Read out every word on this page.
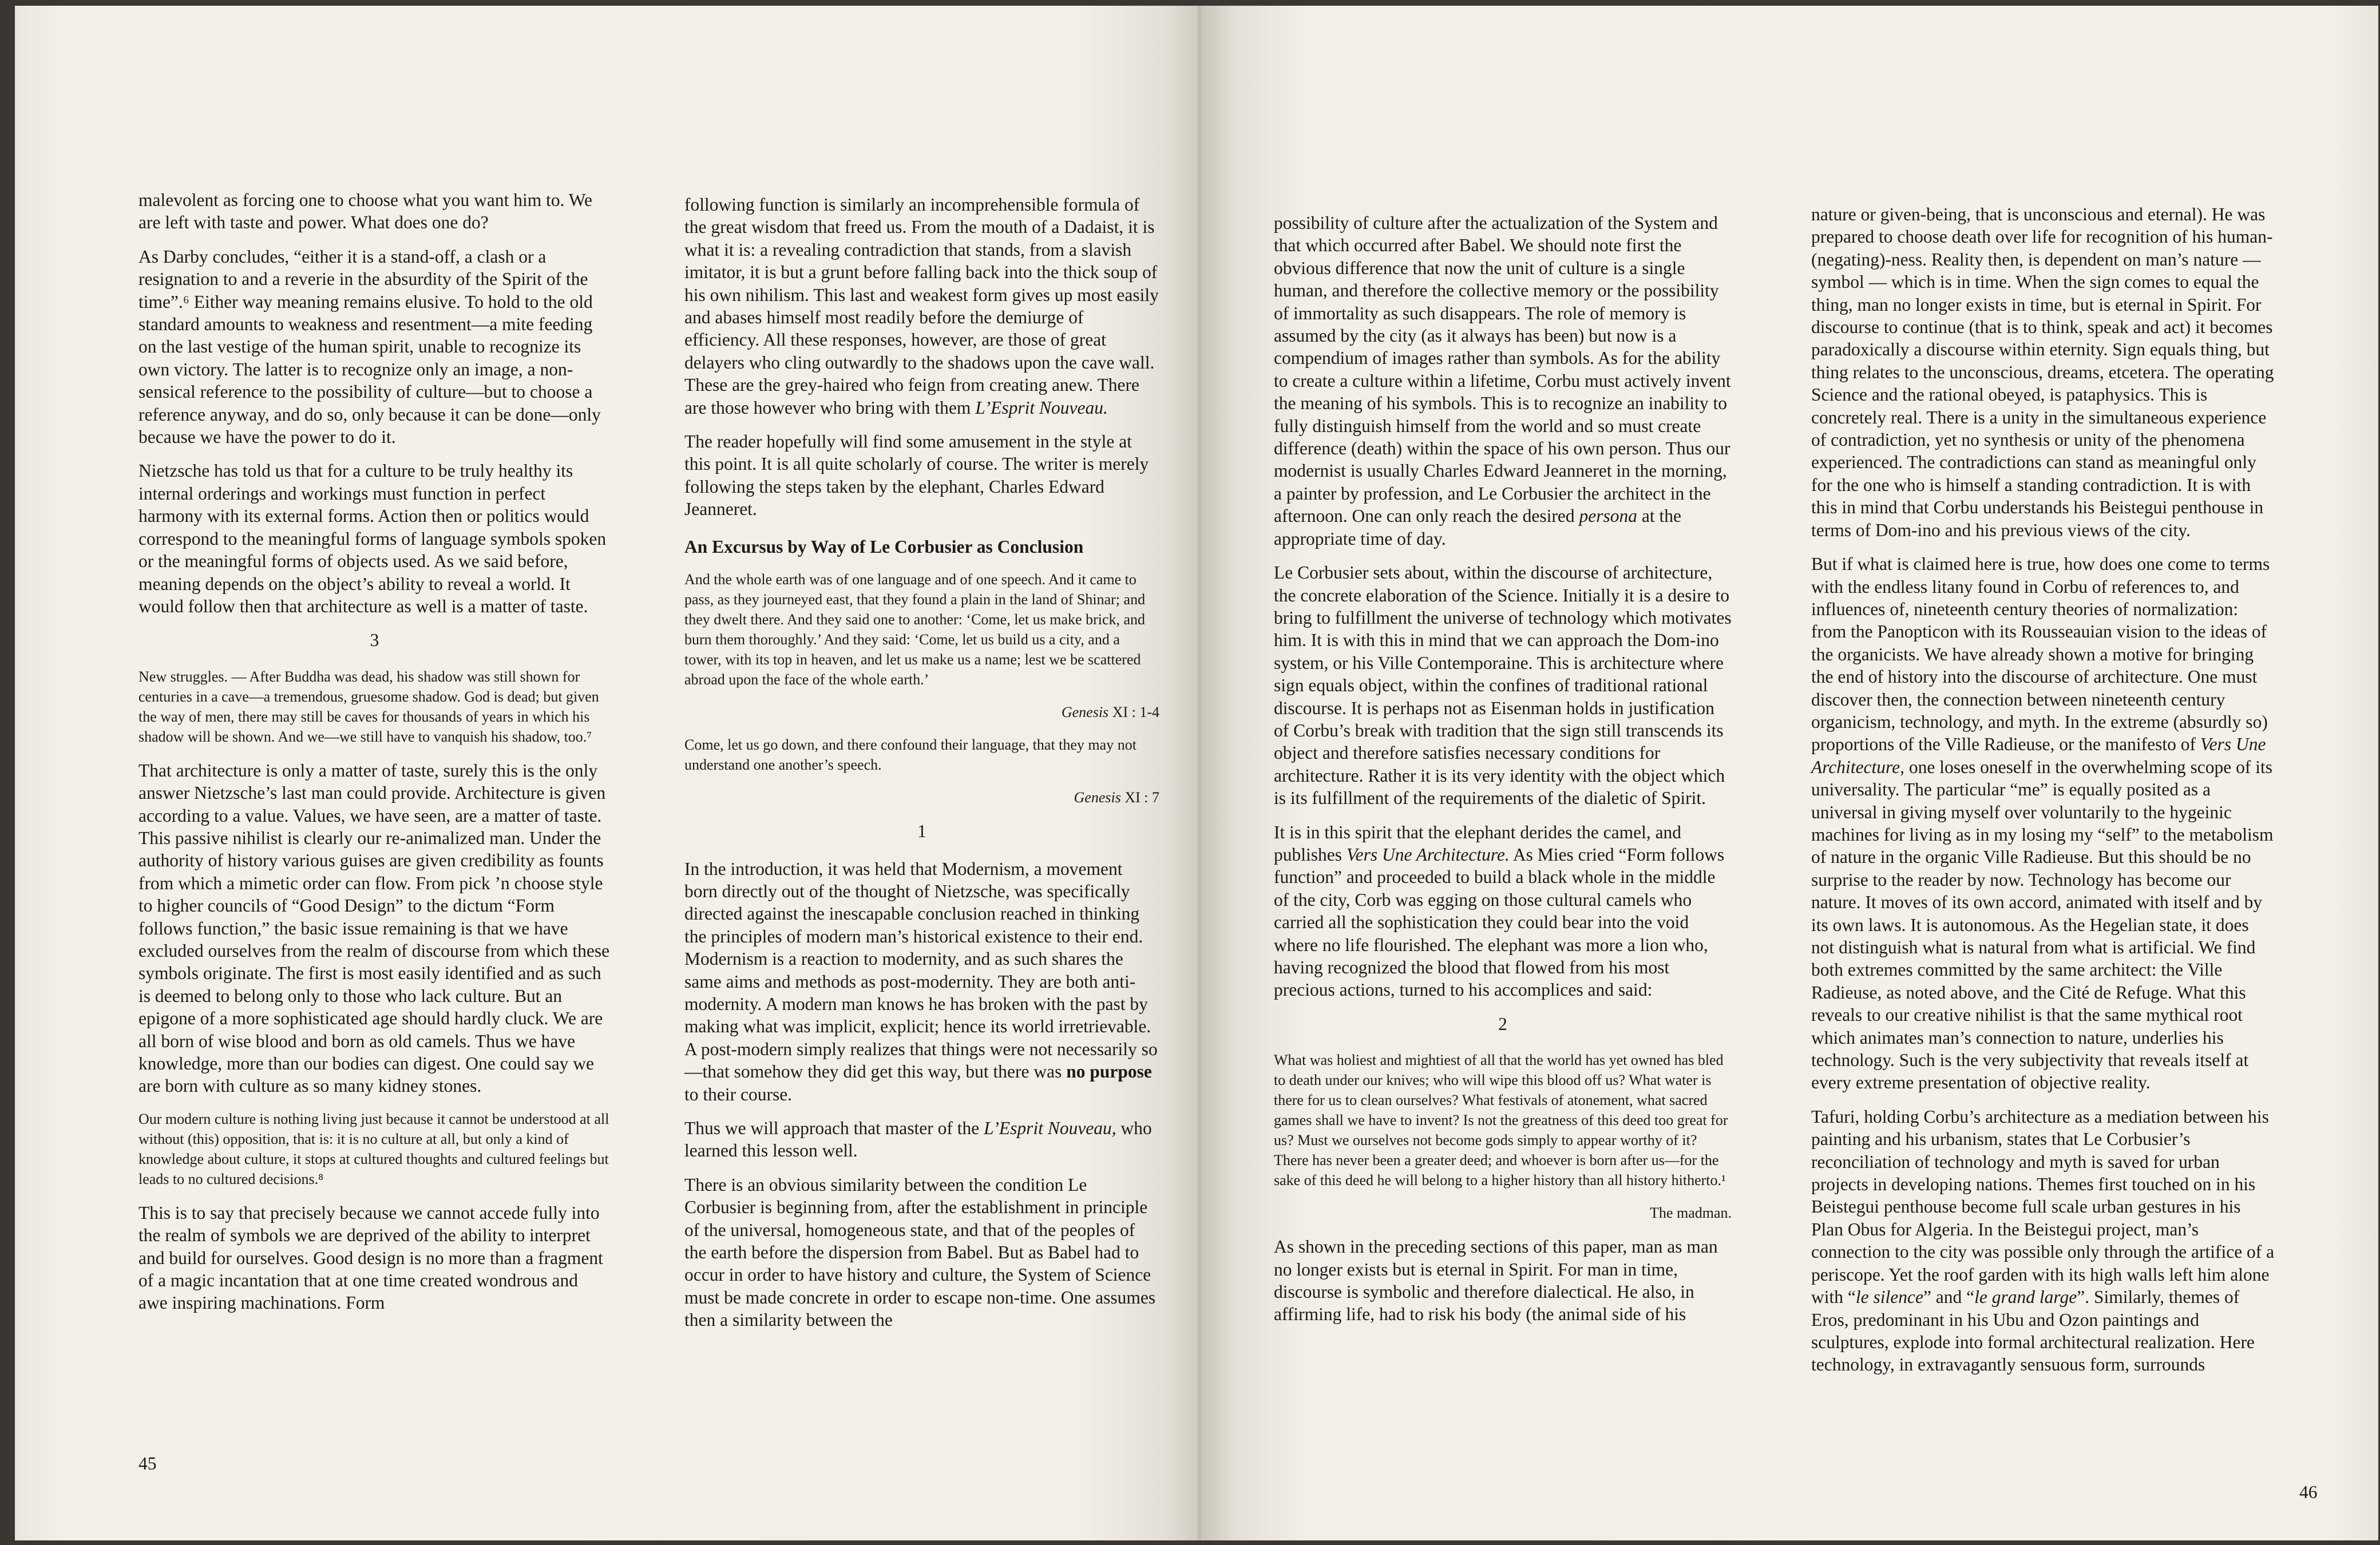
malevolent as forcing one to choose what you want him to. We are left with taste and power. What does one do?

As Darby concludes, “either it is a stand-off, a clash or a resignation to and a reverie in the absurdity of the Spirit of the time”.⁶ Either way meaning remains elusive. To hold to the old standard amounts to weakness and resentment—a mite feeding on the last vestige of the human spirit, unable to recognize its own victory. The latter is to recognize only an image, a non-sensical reference to the possibility of culture—but to choose a reference anyway, and do so, only because it can be done—only because we have the power to do it.

Nietzsche has told us that for a culture to be truly healthy its internal orderings and workings must function in perfect harmony with its external forms. Action then or politics would correspond to the meaningful forms of language symbols spoken or the meaningful forms of objects used. As we said before, meaning depends on the object’s ability to reveal a world. It would follow then that architecture as well is a matter of taste.

3
New struggles. — After Buddha was dead, his shadow was still shown for centuries in a cave—a tremendous, gruesome shadow. God is dead; but given the way of men, there may still be caves for thousands of years in which his shadow will be shown. And we—we still have to vanquish his shadow, too.⁷

That architecture is only a matter of taste, surely this is the only answer Nietzsche’s last man could provide. Architecture is given according to a value. Values, we have seen, are a matter of taste. This passive nihilist is clearly our re-animalized man. Under the authority of history various guises are given credibility as founts from which a mimetic order can flow. From pick ’n choose style to higher councils of “Good Design” to the dictum “Form follows function,” the basic issue remaining is that we have excluded ourselves from the realm of discourse from which these symbols originate. The first is most easily identified and as such is deemed to belong only to those who lack culture. But an epigone of a more sophisticated age should hardly cluck. We are all born of wise blood and born as old camels. Thus we have knowledge, more than our bodies can digest. One could say we are born with culture as so many kidney stones.

Our modern culture is nothing living just because it cannot be understood at all without (this) opposition, that is: it is no culture at all, but only a kind of knowledge about culture, it stops at cultured thoughts and cultured feelings but leads to no cultured decisions.⁸

This is to say that precisely because we cannot accede fully into the realm of symbols we are deprived of the ability to interpret and build for ourselves. Good design is no more than a fragment of a magic incantation that at one time created wondrous and awe inspiring machinations. Form

following function is similarly an incomprehensible formula of the great wisdom that freed us. From the mouth of a Dadaist, it is what it is: a revealing contradiction that stands, from a slavish imitator, it is but a grunt before falling back into the thick soup of his own nihilism. This last and weakest form gives up most easily and abases himself most readily before the demiurge of efficiency. All these responses, however, are those of great delayers who cling outwardly to the shadows upon the cave wall. These are the grey-haired who feign from creating anew. There are those however who bring with them L’Esprit Nouveau.

The reader hopefully will find some amusement in the style at this point. It is all quite scholarly of course. The writer is merely following the steps taken by the elephant, Charles Edward Jeanneret.

An Excursus by Way of Le Corbusier as Conclusion
And the whole earth was of one language and of one speech. And it came to pass, as they journeyed east, that they found a plain in the land of Shinar; and they dwelt there. And they said one to another: ‘Come, let us make brick, and burn them thoroughly.’ And they said: ‘Come, let us build us a city, and a tower, with its top in heaven, and let us make us a name; lest we be scattered abroad upon the face of the whole earth.’
Genesis XI : 1-4
Come, let us go down, and there confound their language, that they may not understand one another’s speech.
Genesis XI : 7
1

In the introduction, it was held that Modernism, a movement born directly out of the thought of Nietzsche, was specifically directed against the inescapable conclusion reached in thinking the principles of modern man’s historical existence to their end. Modernism is a reaction to modernity, and as such shares the same aims and methods as post-modernity. They are both anti-modernity. A modern man knows he has broken with the past by making what was implicit, explicit; hence its world irretrievable. A post-modern simply realizes that things were not necessarily so—that somehow they did get this way, but there was no purpose to their course.

Thus we will approach that master of the L’Esprit Nouveau, who learned this lesson well.

There is an obvious similarity between the condition Le Corbusier is beginning from, after the establishment in principle of the universal, homogeneous state, and that of the peoples of the earth before the dispersion from Babel. But as Babel had to occur in order to have history and culture, the System of Science must be made concrete in order to escape non-time. One assumes then a similarity between the

45

possibility of culture after the actualization of the System and that which occurred after Babel. We should note first the obvious difference that now the unit of culture is a single human, and therefore the collective memory or the possibility of immortality as such disappears. The role of memory is assumed by the city (as it always has been) but now is a compendium of images rather than symbols. As for the ability to create a culture within a lifetime, Corbu must actively invent the meaning of his symbols. This is to recognize an inability to fully distinguish himself from the world and so must create difference (death) within the space of his own person. Thus our modernist is usually Charles Edward Jeanneret in the morning, a painter by profession, and Le Corbusier the architect in the afternoon. One can only reach the desired persona at the appropriate time of day.

Le Corbusier sets about, within the discourse of architecture, the concrete elaboration of the Science. Initially it is a desire to bring to fulfillment the universe of technology which motivates him. It is with this in mind that we can approach the Dom-ino system, or his Ville Contemporaine. This is architecture where sign equals object, within the confines of traditional rational discourse. It is perhaps not as Eisenman holds in justification of Corbu’s break with tradition that the sign still transcends its object and therefore satisfies necessary conditions for architecture. Rather it is its very identity with the object which is its fulfillment of the requirements of the dialetic of Spirit.

It is in this spirit that the elephant derides the camel, and publishes Vers Une Architecture. As Mies cried “Form follows function” and proceeded to build a black whole in the middle of the city, Corb was egging on those cultural camels who carried all the sophistication they could bear into the void where no life flourished. The elephant was more a lion who, having recognized the blood that flowed from his most precious actions, turned to his accomplices and said:

2
What was holiest and mightiest of all that the world has yet owned has bled to death under our knives; who will wipe this blood off us? What water is there for us to clean ourselves? What festivals of atonement, what sacred games shall we have to invent? Is not the greatness of this deed too great for us? Must we ourselves not become gods simply to appear worthy of it? There has never been a greater deed; and whoever is born after us—for the sake of this deed he will belong to a higher history than all history hitherto.¹
The madman.

As shown in the preceding sections of this paper, man as man no longer exists but is eternal in Spirit. For man in time, discourse is symbolic and therefore dialectical. He also, in affirming life, had to risk his body (the animal side of his

nature or given-being, that is unconscious and eternal). He was prepared to choose death over life for recognition of his human-(negating)-ness. Reality then, is dependent on man’s nature — symbol — which is in time. When the sign comes to equal the thing, man no longer exists in time, but is eternal in Spirit. For discourse to continue (that is to think, speak and act) it becomes paradoxically a discourse within eternity. Sign equals thing, but thing relates to the unconscious, dreams, etcetera. The operating Science and the rational obeyed, is pataphysics. This is concretely real. There is a unity in the simultaneous experience of contradiction, yet no synthesis or unity of the phenomena experienced. The contradictions can stand as meaningful only for the one who is himself a standing contradiction. It is with this in mind that Corbu understands his Beistegui penthouse in terms of Dom-ino and his previous views of the city.

But if what is claimed here is true, how does one come to terms with the endless litany found in Corbu of references to, and influences of, nineteenth century theories of normalization: from the Panopticon with its Rousseauian vision to the ideas of the organicists. We have already shown a motive for bringing the end of history into the discourse of architecture. One must discover then, the connection between nineteenth century organicism, technology, and myth. In the extreme (absurdly so) proportions of the Ville Radieuse, or the manifesto of Vers Une Architecture, one loses oneself in the overwhelming scope of its universality. The particular “me” is equally posited as a universal in giving myself over voluntarily to the hygeinic machines for living as in my losing my “self” to the metabolism of nature in the organic Ville Radieuse. But this should be no surprise to the reader by now. Technology has become our nature. It moves of its own accord, animated with itself and by its own laws. It is autonomous. As the Hegelian state, it does not distinguish what is natural from what is artificial. We find both extremes committed by the same architect: the Ville Radieuse, as noted above, and the Cité de Refuge. What this reveals to our creative nihilist is that the same mythical root which animates man’s connection to nature, underlies his technology. Such is the very subjectivity that reveals itself at every extreme presentation of objective reality.

Tafuri, holding Corbu’s architecture as a mediation between his painting and his urbanism, states that Le Corbusier’s reconciliation of technology and myth is saved for urban projects in developing nations. Themes first touched on in his Beistegui penthouse become full scale urban gestures in his Plan Obus for Algeria. In the Beistegui project, man’s connection to the city was possible only through the artifice of a periscope. Yet the roof garden with its high walls left him alone with “le silence” and “le grand large”. Similarly, themes of Eros, predominant in his Ubu and Ozon paintings and sculptures, explode into formal architectural realization. Here technology, in extravagantly sensuous form, surrounds

46
